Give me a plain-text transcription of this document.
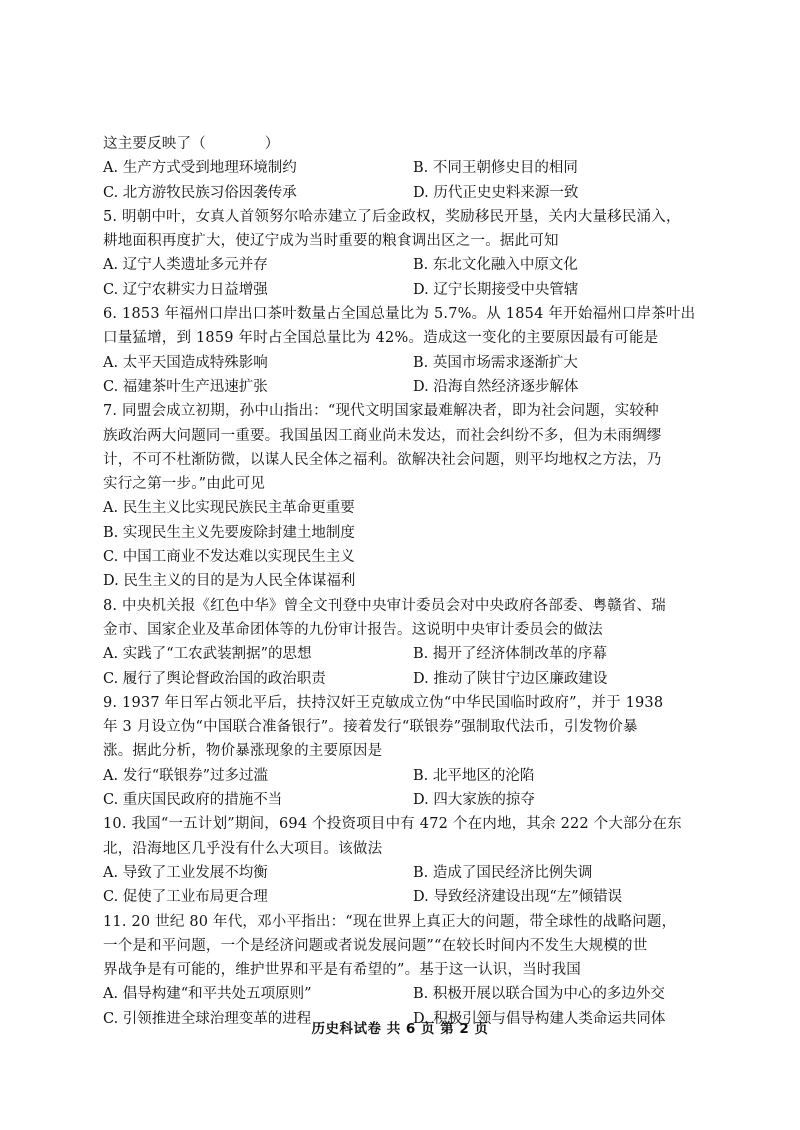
这主要反映了（　　　　）
A. 生产方式受到地理环境制约	B. 不同王朝修史目的相同
C. 北方游牧民族习俗因袭传承	D. 历代正史史料来源一致
5. 明朝中叶，女真人首领努尔哈赤建立了后金政权，奖励移民开垦，关内大量移民涌入，
耕地面积再度扩大，使辽宁成为当时重要的粮食调出区之一。据此可知
A. 辽宁人类遗址多元并存	B. 东北文化融入中原文化
C. 辽宁农耕实力日益增强	D. 辽宁长期接受中央管辖
6. 1853 年福州口岸出口茶叶数量占全国总量比为 5.7%。从 1854 年开始福州口岸茶叶出
口量猛增，到 1859 年时占全国总量比为 42%。造成这一变化的主要原因最有可能是
A. 太平天国造成特殊影响	B. 英国市场需求逐渐扩大
C. 福建茶叶生产迅速扩张	D. 沿海自然经济逐步解体
7. 同盟会成立初期，孙中山指出：“现代文明国家最难解决者，即为社会问题，实较种
族政治两大问题同一重要。我国虽因工商业尚未发达，而社会纠纷不多，但为未雨绸缪
计，不可不杜渐防微，以谋人民全体之福利。欲解决社会问题，则平均地权之方法，乃
实行之第一步。”由此可见
A. 民生主义比实现民族民主革命更重要
B. 实现民生主义先要废除封建土地制度
C. 中国工商业不发达难以实现民生主义
D. 民生主义的目的是为人民全体谋福利
8. 中央机关报《红色中华》曾全文刊登中央审计委员会对中央政府各部委、粤赣省、瑞
金市、国家企业及革命团体等的九份审计报告。这说明中央审计委员会的做法
A. 实践了“工农武装割据”的思想	B. 揭开了经济体制改革的序幕
C. 履行了舆论督政治国的政治职责	D. 推动了陕甘宁边区廉政建设
9. 1937 年日军占领北平后，扶持汉奸王克敏成立伪“中华民国临时政府”，并于 1938
年 3 月设立伪“中国联合准备银行”。接着发行“联银券”强制取代法币，引发物价暴
涨。据此分析，物价暴涨现象的主要原因是
A. 发行“联银券”过多过滥	B. 北平地区的沦陷
C. 重庆国民政府的措施不当	D. 四大家族的掠夺
10. 我国“一五计划”期间，694 个投资项目中有 472 个在内地，其余 222 个大部分在东
北，沿海地区几乎没有什么大项目。该做法
A. 导致了工业发展不均衡	B. 造成了国民经济比例失调
C. 促使了工业布局更合理	D. 导致经济建设出现“左”倾错误
11. 20 世纪 80 年代，邓小平指出：“现在世界上真正大的问题，带全球性的战略问题，
一个是和平问题，一个是经济问题或者说发展问题”“在较长时间内不发生大规模的世
界战争是有可能的，维护世界和平是有希望的”。基于这一认识，当时我国
A. 倡导构建“和平共处五项原则”	B. 积极开展以联合国为中心的多边外交
C. 引领推进全球治理变革的进程	D. 积极引领与倡导构建人类命运共同体
历史科试卷 共 6 页 第 2 页
